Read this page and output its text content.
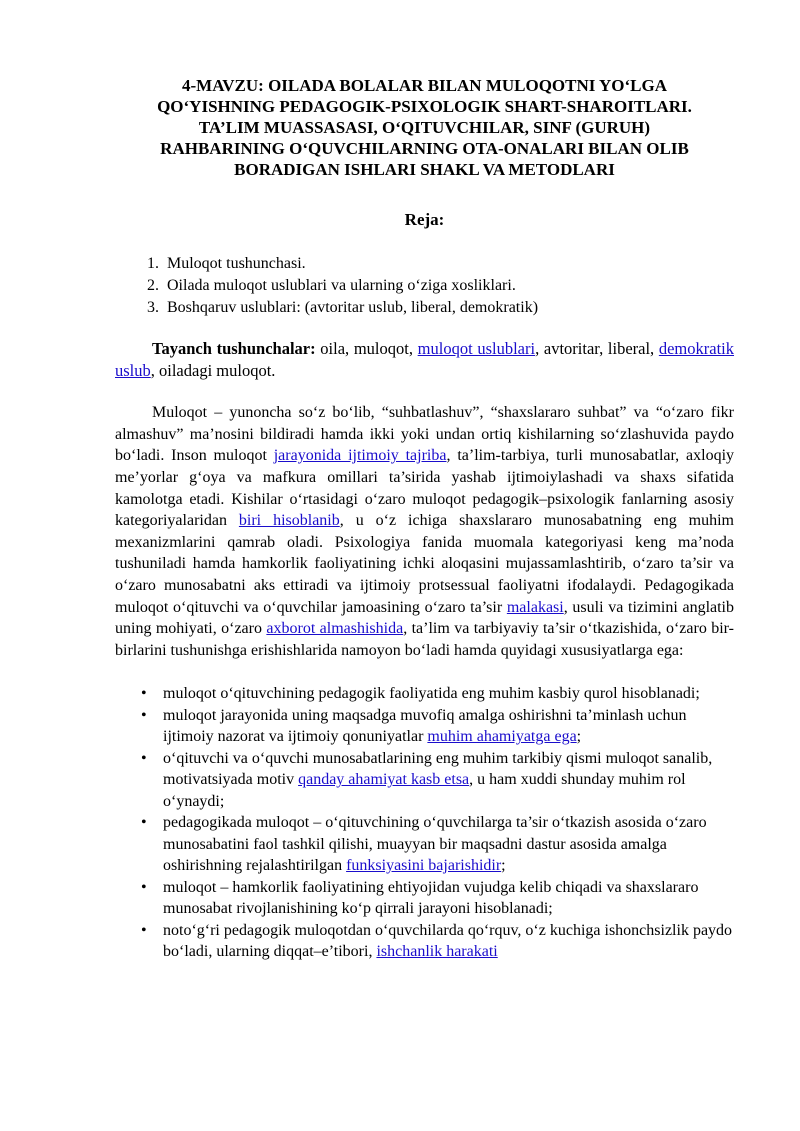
4-MAVZU: OILADA BOLALAR BILAN MULOQOTNI YO‘LGA
QO‘YISHNING PEDAGOGIK-PSIXOLOGIK SHART-SHAROITLARI.
TA’LIM MUASSASASI, O‘QITUVCHILAR, SINF (GURUH)
RAHBARINING O‘QUVCHILARNING OTA-ONALARI BILAN OLIB
BORADIGAN ISHLARI SHAKL VA METODLARI
Reja:
1. Muloqot tushunchasi.
2. Oilada muloqot uslublari va ularning o‘ziga xosliklari.
3. Boshqaruv uslublari: (avtoritar uslub, liberal, demokratik)

Tayanch tushunchalar: oila, muloqot, muloqot uslublari, avtoritar, liberal, demokratik uslub, oiladagi muloqot.

Muloqot – yunoncha so‘z bo‘lib, “suhbatlashuv”, “shaxslararo suhbat” va “o‘zaro fikr almashuv” ma’nosini bildiradi hamda ikki yoki undan ortiq kishilarning so‘zlashuvida paydo bo‘ladi. Inson muloqot jarayonida ijtimoiy tajriba, ta’lim-tarbiya, turli munosabatlar, axloqiy me’yorlar g‘oya va mafkura omillari ta’sirida yashab ijtimoiylashadi va shaxs sifatida kamolotga etadi. Kishilar o‘rtasidagi o‘zaro muloqot pedagogik–psixologik fanlarning asosiy kategoriyalaridan biri hisoblanib, u o‘z ichiga shaxslararo munosabatning eng muhim mexanizmlarini qamrab oladi. Psixologiya fanida muomala kategoriyasi keng ma’noda tushuniladi hamda hamkorlik faoliyatining ichki aloqasini mujassamlashtirib, o‘zaro ta’sir va o‘zaro munosabatni aks ettiradi va ijtimoiy protsessual faoliyatni ifodalaydi. Pedagogikada muloqot o‘qituvchi va o‘quvchilar jamoasining o‘zaro ta’sir malakasi, usuli va tizimini anglatib uning mohiyati, o‘zaro axborot almashishida, ta’lim va tarbiyaviy ta’sir o‘tkazishida, o‘zaro bir-birlarini tushunishga erishishlarida namoyon bo‘ladi hamda quyidagi xususiyatlarga ega:

• muloqot o‘qituvchining pedagogik faoliyatida eng muhim kasbiy qurol hisoblanadi;
• muloqot jarayonida uning maqsadga muvofiq amalga oshirishni ta’minlash uchun ijtimoiy nazorat va ijtimoiy qonuniyatlar muhim ahamiyatga ega;
• o‘qituvchi va o‘quvchi munosabatlarining eng muhim tarkibiy qismi muloqot sanalib, motivatsiyada motiv qanday ahamiyat kasb etsa, u ham xuddi shunday muhim rol o‘ynaydi;
• pedagogikada muloqot – o‘qituvchining o‘quvchilarga ta’sir o‘tkazish asosida o‘zaro munosabatini faol tashkil qilishi, muayyan bir maqsadni dastur asosida amalga oshirishning rejalashtirilgan funksiyasini bajarishidir;
• muloqot – hamkorlik faoliyatining ehtiyojidan vujudga kelib chiqadi va shaxslararo munosabat rivojlanishining ko‘p qirrali jarayoni hisoblanadi;
• noto‘g‘ri pedagogik muloqotdan o‘quvchilarda qo‘rquv, o‘z kuchiga ishonchsizlik paydo bo‘ladi, ularning diqqat–e’tibori, ishchanlik harakati
